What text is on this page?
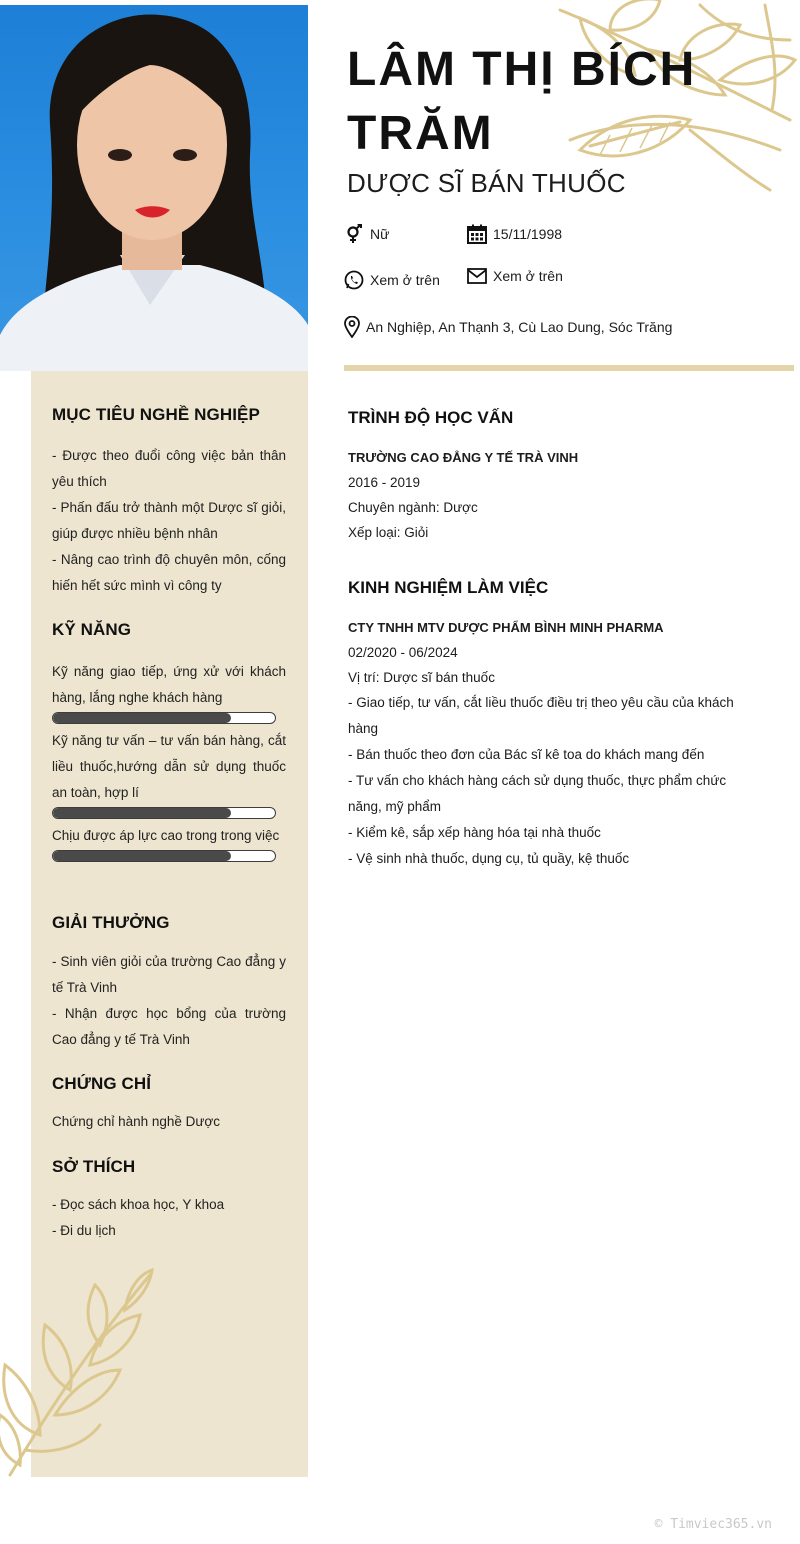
MỤC TIÊU NGHỀ NGHIỆP
- Được theo đuổi công việc bản thân yêu thích
- Phấn đấu trở thành một Dược sĩ giỏi, giúp được nhiều bệnh nhân
- Nâng cao trình độ chuyên môn, cống hiến hết sức mình vì công ty
KỸ NĂNG
Kỹ năng giao tiếp, ứng xử với khách hàng, lắng nghe khách hàng
Kỹ năng tư vấn – tư vấn bán hàng, cắt liều thuốc,hướng dẫn sử dụng thuốc an toàn, hợp lí
Chịu được áp lực cao trong trong việc
GIẢI THƯỞNG
- Sinh viên giỏi của trường Cao đẳng y tế Trà Vinh
- Nhận được học bổng của trường Cao đẳng y tế Trà Vinh
CHỨNG CHỈ
Chứng chỉ hành nghề Dược
SỞ THÍCH
- Đọc sách khoa học, Y khoa
- Đi du lịch
LÂM THỊ BÍCH TRĂM
DƯỢC SĨ BÁN THUỐC
Nữ	15/11/1998
Xem ở trên	Xem ở trên
An Nghiệp, An Thạnh 3, Cù Lao Dung, Sóc Trăng
TRÌNH ĐỘ HỌC VẤN
TRƯỜNG CAO ĐẲNG Y TẾ TRÀ VINH
2016 - 2019
Chuyên ngành: Dược
Xếp loại: Giỏi
KINH NGHIỆM LÀM VIỆC
CTY TNHH MTV DƯỢC PHẨM BÌNH MINH PHARMA
02/2020 - 06/2024
Vị trí: Dược sĩ bán thuốc
- Giao tiếp, tư vấn, cắt liều thuốc điều trị theo yêu cầu của khách hàng
- Bán thuốc theo đơn của Bác sĩ kê toa do khách mang đến
- Tư vấn cho khách hàng cách sử dụng thuốc, thực phẩm chức năng, mỹ phẩm
- Kiểm kê, sắp xếp hàng hóa tại nhà thuốc
- Vệ sinh nhà thuốc, dụng cụ, tủ quầy, kệ thuốc
© Timviec365.vn
